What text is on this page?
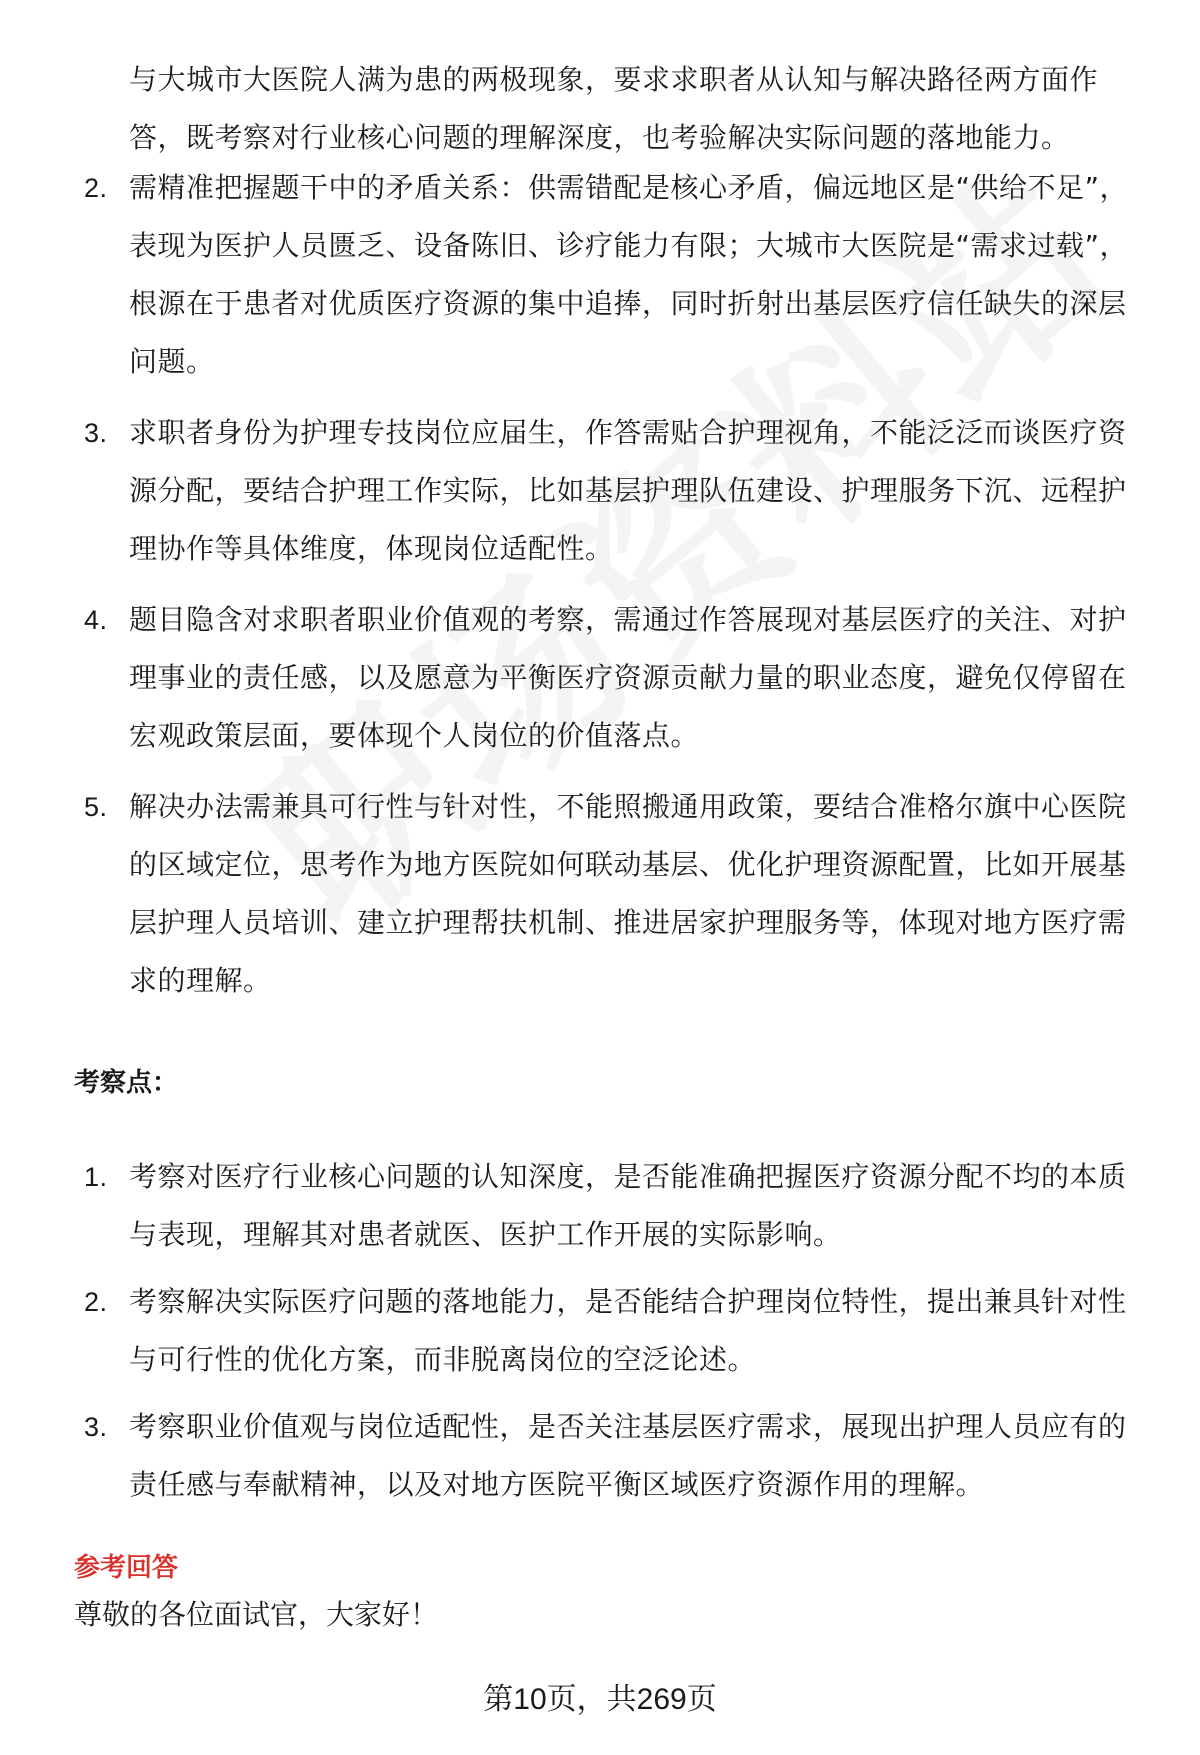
与大城市大医院人满为患的两极现象，要求求职者从认知与解决路径两方面作答，既考察对行业核心问题的理解深度，也考验解决实际问题的落地能力。
2. 需精准把握题干中的矛盾关系：供需错配是核心矛盾，偏远地区是“供给不足”，表现为医护人员匮乏、设备陈旧、诊疗能力有限；大城市大医院是“需求过载”，根源在于患者对优质医疗资源的集中追捧，同时折射出基层医疗信任缺失的深层问题。
3. 求职者身份为护理专技岗位应届生，作答需贴合护理视角，不能泛泛而谈医疗资源分配，要结合护理工作实际，比如基层护理队伍建设、护理服务下沉、远程护理协作等具体维度，体现岗位适配性。
4. 题目隐含对求职者职业价值观的考察，需通过作答展现对基层医疗的关注、对护理事业的责任感，以及愿意为平衡医疗资源贡献力量的职业态度，避免仅停留在宏观政策层面，要体现个人岗位的价值落点。
5. 解决办法需兼具可行性与针对性，不能照搬通用政策，要结合准格尔旗中心医院的区域定位，思考作为地方医院如何联动基层、优化护理资源配置，比如开展基层护理人员培训、建立护理帮扶机制、推进居家护理服务等，体现对地方医疗需求的理解。
考察点：
1. 考察对医疗行业核心问题的认知深度，是否能准确把握医疗资源分配不均的本质与表现，理解其对患者就医、医护工作开展的实际影响。
2. 考察解决实际医疗问题的落地能力，是否能结合护理岗位特性，提出兼具针对性与可行性的优化方案，而非脱离岗位的空泛论述。
3. 考察职业价值观与岗位适配性，是否关注基层医疗需求，展现出护理人员应有的责任感与奉献精神，以及对地方医院平衡区域医疗资源作用的理解。
参考回答
尊敬的各位面试官，大家好！
第10页，共269页
